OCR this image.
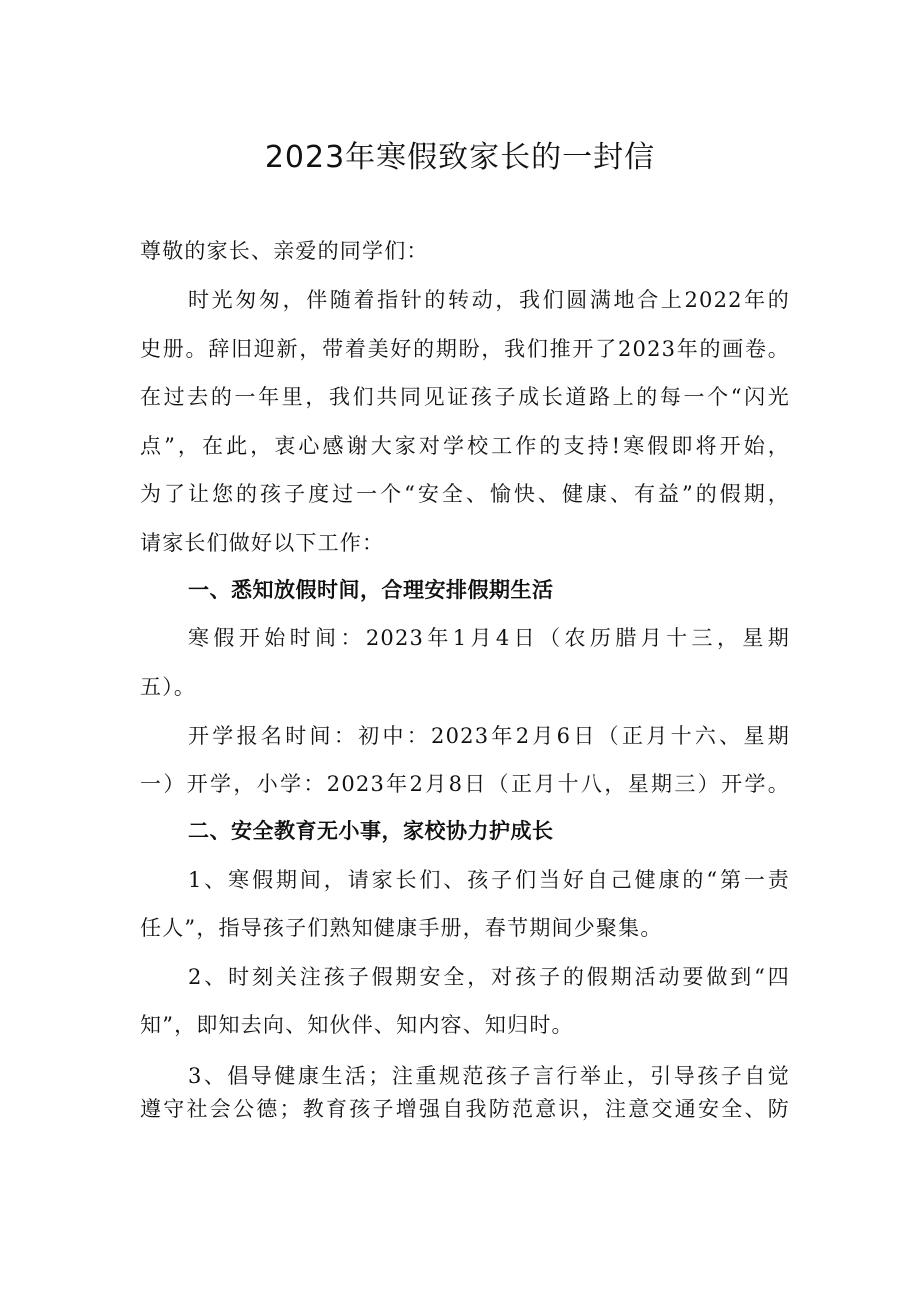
2023年寒假致家长的一封信

尊敬的家长、亲爱的同学们：

时光匆匆，伴随着指针的转动，我们圆满地合上2022年的

史册。辞旧迎新，带着美好的期盼，我们推开了2023年的画卷。

在过去的一年里，我们共同见证孩子成长道路上的每一个“闪光

点”，在此，衷心感谢大家对学校工作的支持!寒假即将开始，

为了让您的孩子度过一个“安全、愉快、健康、有益”的假期，

请家长们做好以下工作：

一、悉知放假时间，合理安排假期生活

寒假开始时间：2023年1月4日（农历腊月十三，星期

五）。

开学报名时间：初中：2023年2月6日（正月十六、星期

一）开学，小学：2023年2月8日（正月十八，星期三）开学。

二、安全教育无小事，家校协力护成长

1、寒假期间，请家长们、孩子们当好自己健康的“第一责

任人”，指导孩子们熟知健康手册，春节期间少聚集。

2、时刻关注孩子假期安全，对孩子的假期活动要做到“四

知”，即知去向、知伙伴、知内容、知归时。

3、倡导健康生活；注重规范孩子言行举止，引导孩子自觉

遵守社会公德；教育孩子增强自我防范意识，注意交通安全、防
